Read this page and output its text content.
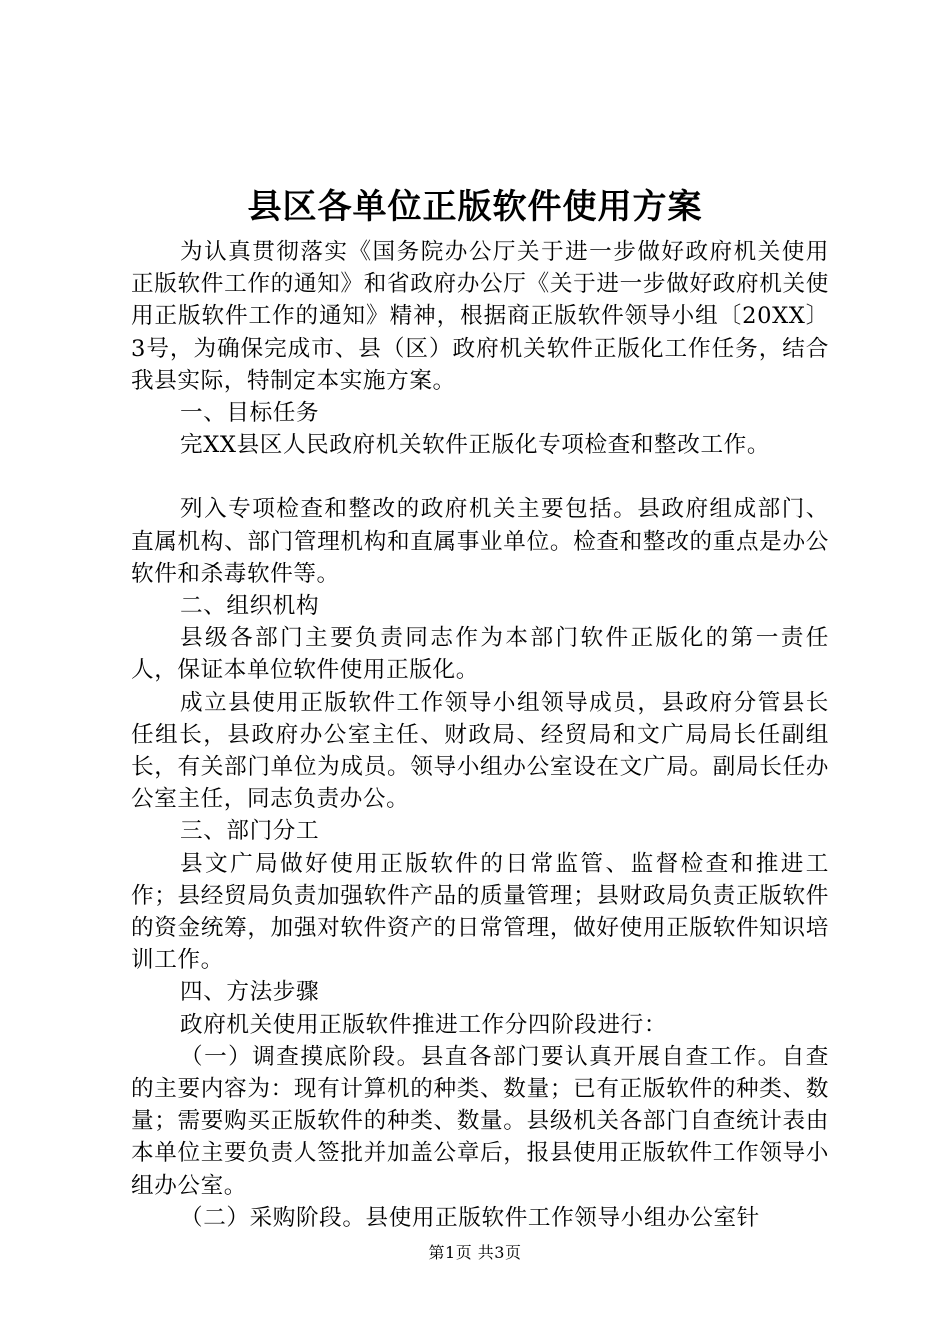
县区各单位正版软件使用方案

为认真贯彻落实《国务院办公厅关于进一步做好政府机关使用正版软件工作的通知》和省政府办公厅《关于进一步做好政府机关使用正版软件工作的通知》精神，根据商正版软件领导小组〔20XX〕3号，为确保完成市、县（区）政府机关软件正版化工作任务，结合我县实际，特制定本实施方案。

一、目标任务

完XX县区人民政府机关软件正版化专项检查和整改工作。

列入专项检查和整改的政府机关主要包括。县政府组成部门、直属机构、部门管理机构和直属事业单位。检查和整改的重点是办公软件和杀毒软件等。

二、组织机构

县级各部门主要负责同志作为本部门软件正版化的第一责任人，保证本单位软件使用正版化。

成立县使用正版软件工作领导小组领导成员，县政府分管县长任组长，县政府办公室主任、财政局、经贸局和文广局局长任副组长，有关部门单位为成员。领导小组办公室设在文广局。副局长任办公室主任，同志负责办公。

三、部门分工

县文广局做好使用正版软件的日常监管、监督检查和推进工作；县经贸局负责加强软件产品的质量管理；县财政局负责正版软件的资金统筹，加强对软件资产的日常管理，做好使用正版软件知识培训工作。

四、方法步骤

政府机关使用正版软件推进工作分四阶段进行：

（一）调查摸底阶段。县直各部门要认真开展自查工作。自查的主要内容为：现有计算机的种类、数量；已有正版软件的种类、数量；需要购买正版软件的种类、数量。县级机关各部门自查统计表由本单位主要负责人签批并加盖公章后，报县使用正版软件工作领导小组办公室。

（二）采购阶段。县使用正版软件工作领导小组办公室针

第1页 共3页
